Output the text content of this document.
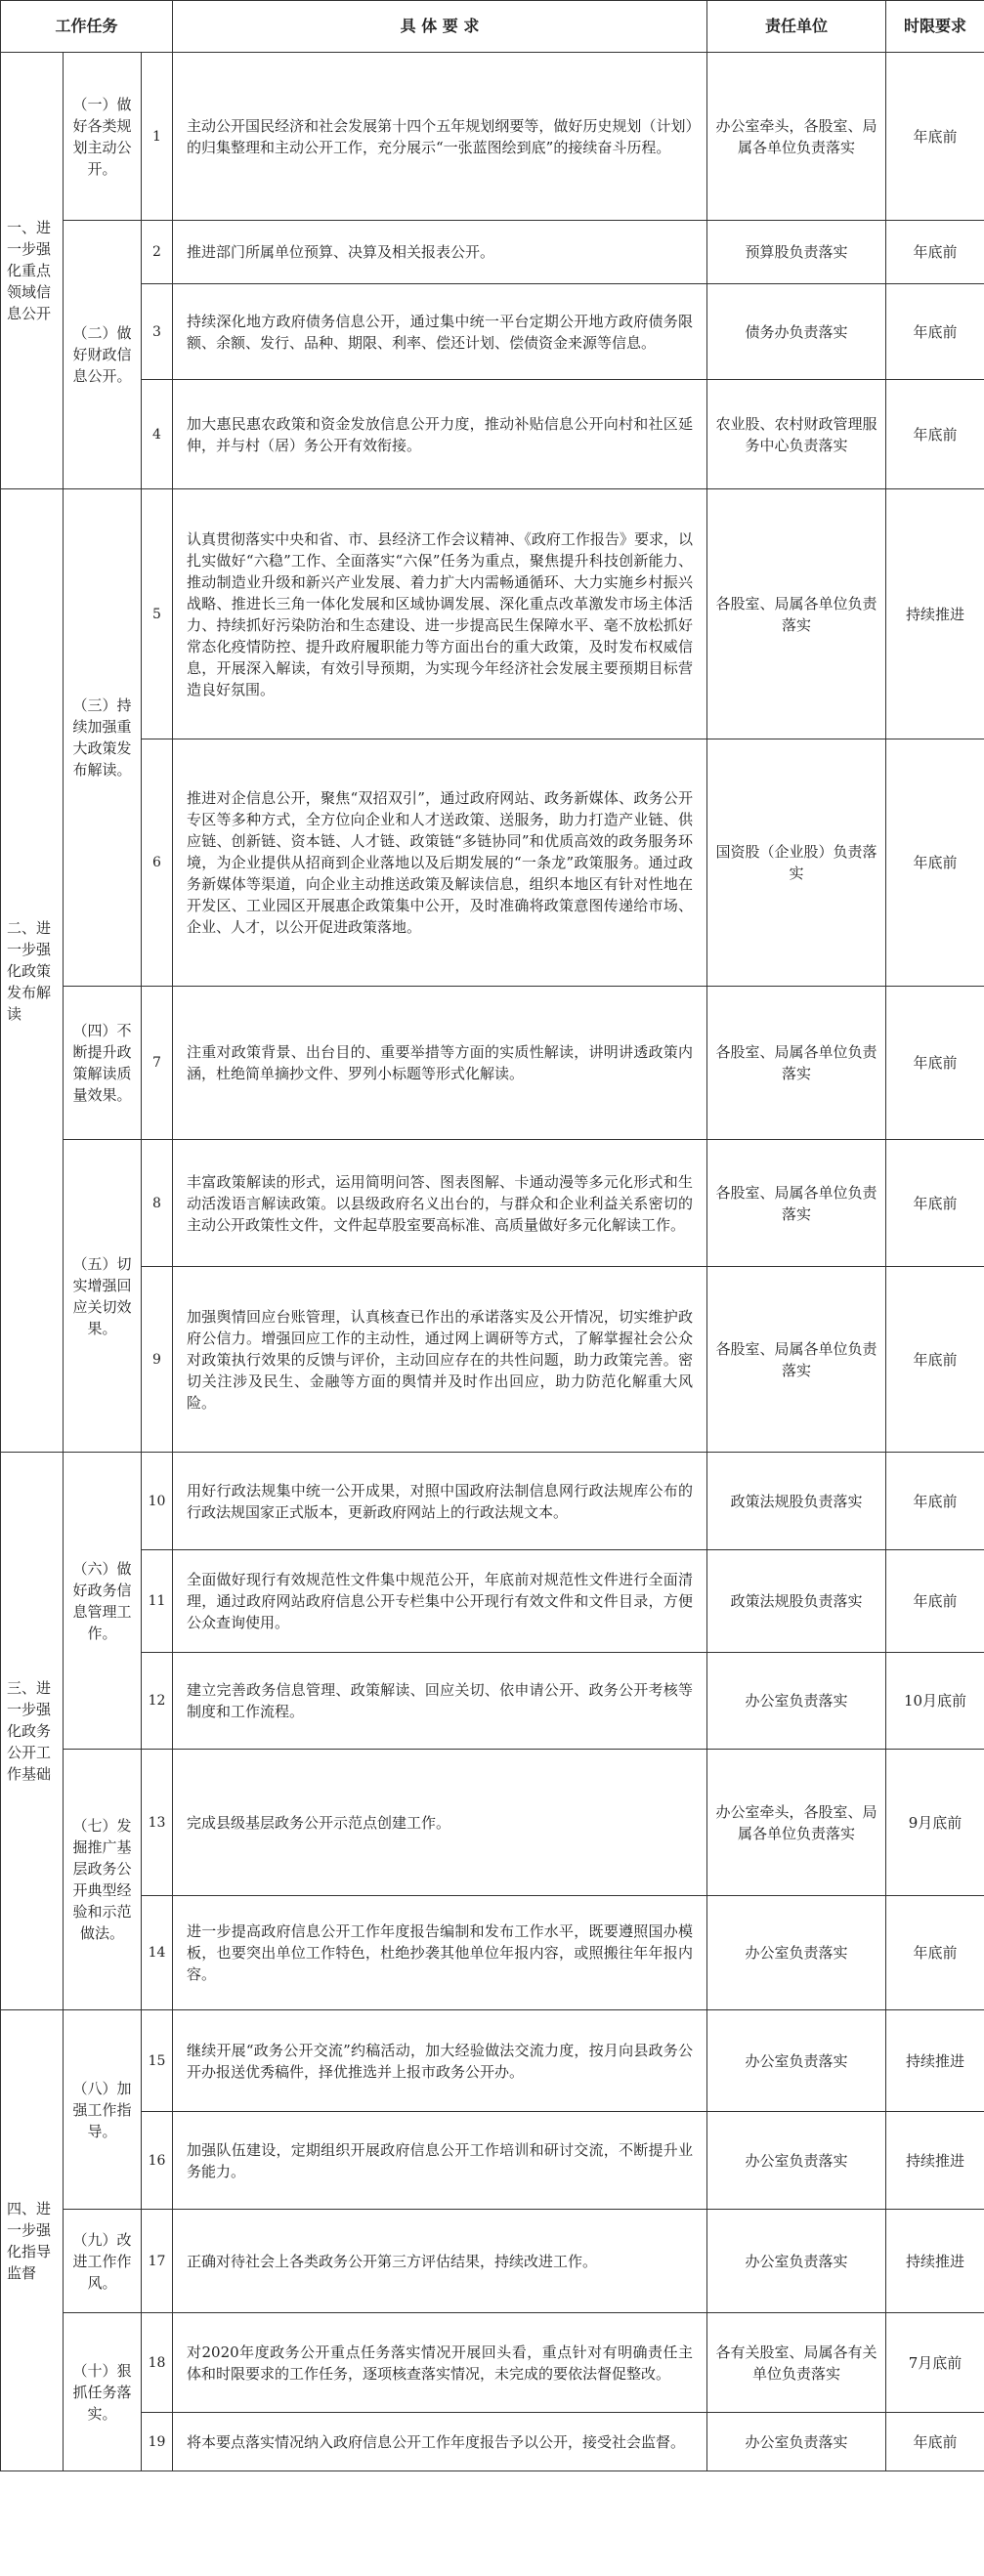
工作任务			具 体 要 求	责任单位	时限要求
一、进一步强化重点领域信息公开	（一）做好各类规划主动公开。	1	主动公开国民经济和社会发展第十四个五年规划纲要等，做好历史规划（计划）的归集整理和主动公开工作，充分展示“一张蓝图绘到底”的接续奋斗历程。	办公室牵头，各股室、局属各单位负责落实	年底前
	（二）做好财政信息公开。	2	推进部门所属单位预算、决算及相关报表公开。	预算股负责落实	年底前
		3	持续深化地方政府债务信息公开，通过集中统一平台定期公开地方政府债务限额、余额、发行、品种、期限、利率、偿还计划、偿债资金来源等信息。	债务办负责落实	年底前
		4	加大惠民惠农政策和资金发放信息公开力度，推动补贴信息公开向村和社区延伸，并与村（居）务公开有效衔接。	农业股、农村财政管理服务中心负责落实	年底前
二、进一步强化政策发布解读	（三）持续加强重大政策发布解读。	5	认真贯彻落实中央和省、市、县经济工作会议精神、《政府工作报告》要求，以扎实做好“六稳”工作、全面落实“六保”任务为重点，聚焦提升科技创新能力、推动制造业升级和新兴产业发展、着力扩大内需畅通循环、大力实施乡村振兴战略、推进长三角一体化发展和区域协调发展、深化重点改革激发市场主体活力、持续抓好污染防治和生态建设、进一步提高民生保障水平、毫不放松抓好常态化疫情防控、提升政府履职能力等方面出台的重大政策，及时发布权威信息，开展深入解读，有效引导预期，为实现今年经济社会发展主要预期目标营造良好氛围。	各股室、局属各单位负责落实	持续推进
		6	推进对企信息公开，聚焦“双招双引”，通过政府网站、政务新媒体、政务公开专区等多种方式，全方位向企业和人才送政策、送服务，助力打造产业链、供应链、创新链、资本链、人才链、政策链“多链协同”和优质高效的政务服务环境，为企业提供从招商到企业落地以及后期发展的“一条龙”政策服务。通过政务新媒体等渠道，向企业主动推送政策及解读信息，组织本地区有针对性地在开发区、工业园区开展惠企政策集中公开，及时准确将政策意图传递给市场、企业、人才，以公开促进政策落地。	国资股（企业股）负责落实	年底前
	（四）不断提升政策解读质量效果。	7	注重对政策背景、出台目的、重要举措等方面的实质性解读，讲明讲透政策内涵，杜绝简单摘抄文件、罗列小标题等形式化解读。	各股室、局属各单位负责落实	年底前
	（五）切实增强回应关切效果。	8	丰富政策解读的形式，运用简明问答、图表图解、卡通动漫等多元化形式和生动活泼语言解读政策。以县级政府名义出台的，与群众和企业利益关系密切的主动公开政策性文件，文件起草股室要高标准、高质量做好多元化解读工作。	各股室、局属各单位负责落实	年底前
		9	加强舆情回应台账管理，认真核查已作出的承诺落实及公开情况，切实维护政府公信力。增强回应工作的主动性，通过网上调研等方式，了解掌握社会公众对政策执行效果的反馈与评价，主动回应存在的共性问题，助力政策完善。密切关注涉及民生、金融等方面的舆情并及时作出回应，助力防范化解重大风险。	各股室、局属各单位负责落实	年底前
三、进一步强化政务公开工作基础	（六）做好政务信息管理工作。	10	用好行政法规集中统一公开成果，对照中国政府法制信息网行政法规库公布的行政法规国家正式版本，更新政府网站上的行政法规文本。	政策法规股负责落实	年底前
		11	全面做好现行有效规范性文件集中规范公开，年底前对规范性文件进行全面清理，通过政府网站政府信息公开专栏集中公开现行有效文件和文件目录，方便公众查询使用。	政策法规股负责落实	年底前
		12	建立完善政务信息管理、政策解读、回应关切、依申请公开、政务公开考核等制度和工作流程。	办公室负责落实	10月底前
	（七）发掘推广基层政务公开典型经验和示范做法。	13	完成县级基层政务公开示范点创建工作。	办公室牵头，各股室、局属各单位负责落实	9月底前
		14	进一步提高政府信息公开工作年度报告编制和发布工作水平，既要遵照国办模板，也要突出单位工作特色，杜绝抄袭其他单位年报内容，或照搬往年年报内容。	办公室负责落实	年底前
四、进一步强化指导监督	（八）加强工作指导。	15	继续开展“政务公开交流”约稿活动，加大经验做法交流力度，按月向县政务公开办报送优秀稿件，择优推选并上报市政务公开办。	办公室负责落实	持续推进
		16	加强队伍建设，定期组织开展政府信息公开工作培训和研讨交流，不断提升业务能力。	办公室负责落实	持续推进
	（九）改进工作作风。	17	正确对待社会上各类政务公开第三方评估结果，持续改进工作。	办公室负责落实	持续推进
	（十）狠抓任务落实。	18	对2020年度政务公开重点任务落实情况开展回头看，重点针对有明确责任主体和时限要求的工作任务，逐项核查落实情况，未完成的要依法督促整改。	各有关股室、局属各有关单位负责落实	7月底前
		19	将本要点落实情况纳入政府信息公开工作年度报告予以公开，接受社会监督。	办公室负责落实	年底前
